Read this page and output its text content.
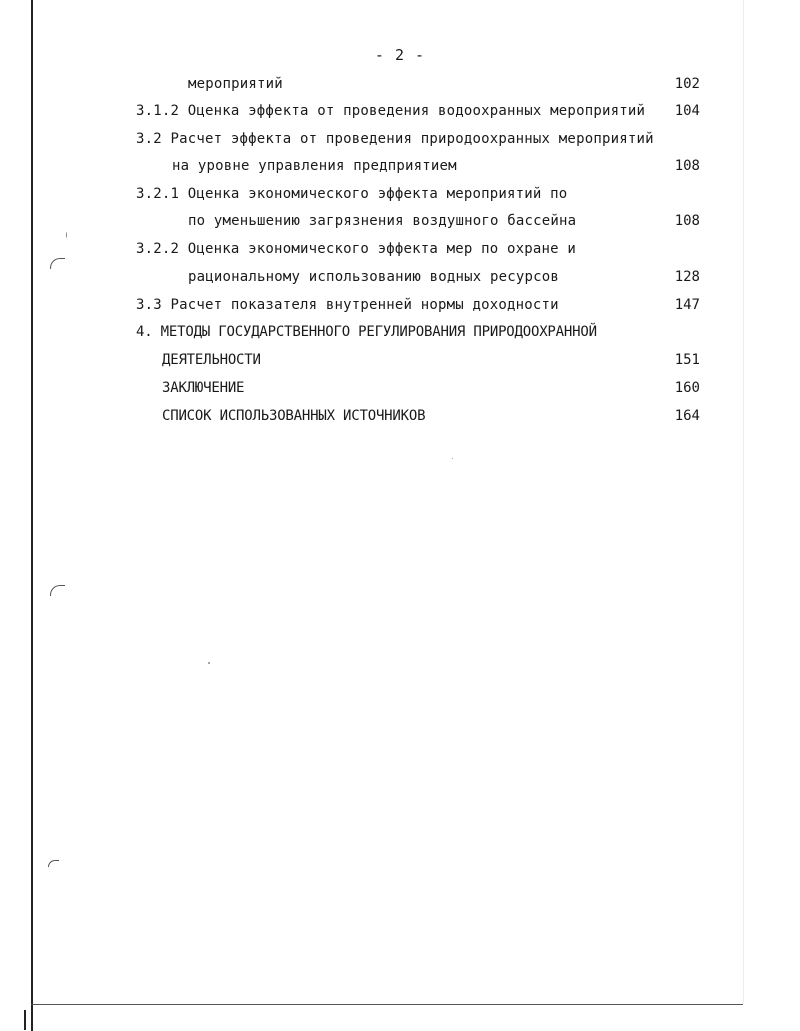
- 2 -
мероприятий	102
3.1.2 Оценка эффекта от проведения водоохранных мероприятий 104
3.2 Расчет эффекта от проведения природоохранных мероприятий
на уровне управления предприятием	108
3.2.1 Оценка экономического эффекта мероприятий по
по уменьшению загрязнения воздушного бассейна	108
3.2.2 Оценка экономического эффекта мер по охране и
рациональному использованию водных ресурсов	128
3.3 Расчет показателя внутренней нормы доходности	147
4. МЕТОДЫ ГОСУДАРСТВЕННОГО РЕГУЛИРОВАНИЯ ПРИРОДООХРАННОЙ
ДЕЯТЕЛЬНОСТИ	151
ЗАКЛЮЧЕНИЕ	160
СПИСОК ИСПОЛЬЗОВАННЫХ ИСТОЧНИКОВ	164
